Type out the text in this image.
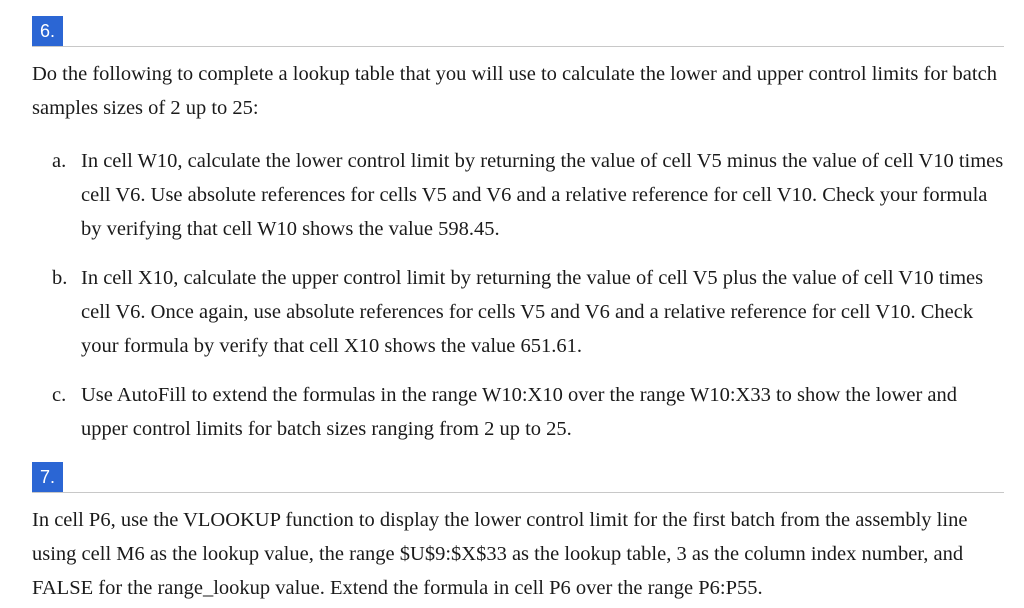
6.

Do the following to complete a lookup table that you will use to calculate the lower and upper control limits for batch samples sizes of 2 up to 25:

a. In cell W10, calculate the lower control limit by returning the value of cell V5 minus the value of cell V10 times cell V6. Use absolute references for cells V5 and V6 and a relative reference for cell V10. Check your formula by verifying that cell W10 shows the value 598.45.
b. In cell X10, calculate the upper control limit by returning the value of cell V5 plus the value of cell V10 times cell V6. Once again, use absolute references for cells V5 and V6 and a relative reference for cell V10. Check your formula by verify that cell X10 shows the value 651.61.
c. Use AutoFill to extend the formulas in the range W10:X10 over the range W10:X33 to show the lower and upper control limits for batch sizes ranging from 2 up to 25.
7.

In cell P6, use the VLOOKUP function to display the lower control limit for the first batch from the assembly line using cell M6 as the lookup value, the range $U$9:$X$33 as the lookup table, 3 as the column index number, and FALSE for the range_lookup value. Extend the formula in cell P6 over the range P6:P55.
